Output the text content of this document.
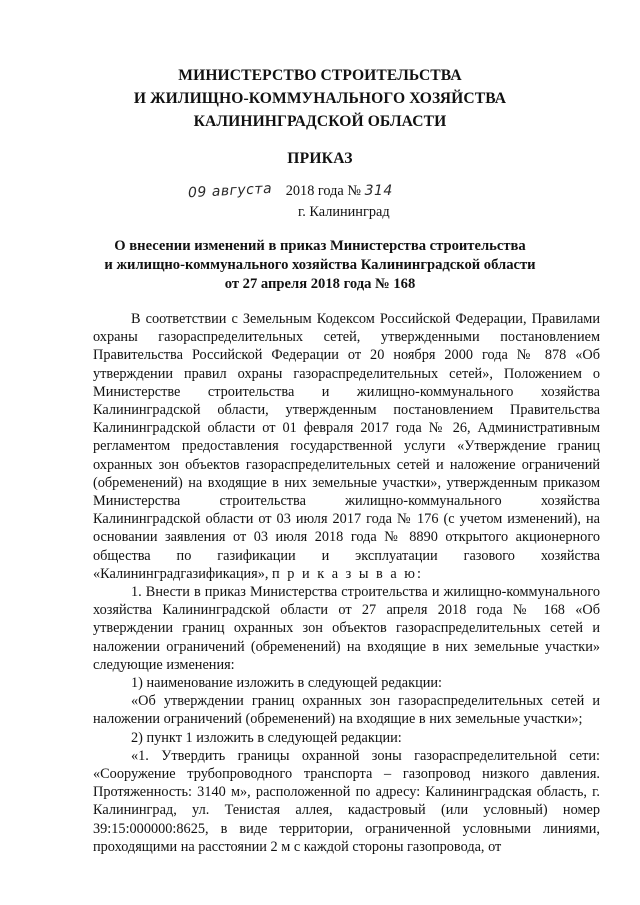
МИНИСТЕРСТВО СТРОИТЕЛЬСТВА
И ЖИЛИЩНО-КОММУНАЛЬНОГО ХОЗЯЙСТВА
КАЛИНИНГРАДСКОЙ ОБЛАСТИ
ПРИКАЗ
09 августа 2018 года № 314
г. Калининград
О внесении изменений в приказ Министерства строительства
и жилищно-коммунального хозяйства Калининградской области
от 27 апреля 2018 года № 168

В соответствии с Земельным Кодексом Российской Федерации, Правилами охраны газораспределительных сетей, утвержденными постановлением Правительства Российской Федерации от 20 ноября 2000 года № 878 «Об утверждении правил охраны газораспределительных сетей», Положением о Министерстве строительства и жилищно-коммунального хозяйства Калининградской области, утвержденным постановлением Правительства Калининградской области от 01 февраля 2017 года № 26, Административным регламентом предоставления государственной услуги «Утверждение границ охранных зон объектов газораспределительных сетей и наложение ограничений (обременений) на входящие в них земельные участки», утвержденным приказом Министерства строительства жилищно-коммунального хозяйства Калининградской области от 03 июля 2017 года № 176 (с учетом изменений), на основании заявления от 03 июля 2018 года № 8890 открытого акционерного общества по газификации и эксплуатации газового хозяйства «Калининградгазификация», п р и к а з ы в а ю:

1. Внести в приказ Министерства строительства и жилищно-коммунального хозяйства Калининградской области от 27 апреля 2018 года № 168 «Об утверждении границ охранных зон объектов газораспределительных сетей и наложении ограничений (обременений) на входящие в них земельные участки» следующие изменения:

1) наименование изложить в следующей редакции:

«Об утверждении границ охранных зон газораспределительных сетей и наложении ограничений (обременений) на входящие в них земельные участки»;

2) пункт 1 изложить в следующей редакции:

«1. Утвердить границы охранной зоны газораспределительной сети: «Сооружение трубопроводного транспорта – газопровод низкого давления. Протяженность: 3140 м», расположенной по адресу: Калининградская область, г. Калининград, ул. Тенистая аллея, кадастровый (или условный) номер 39:15:000000:8625, в виде территории, ограниченной условными линиями, проходящими на расстоянии 2 м с каждой стороны газопровода, от
